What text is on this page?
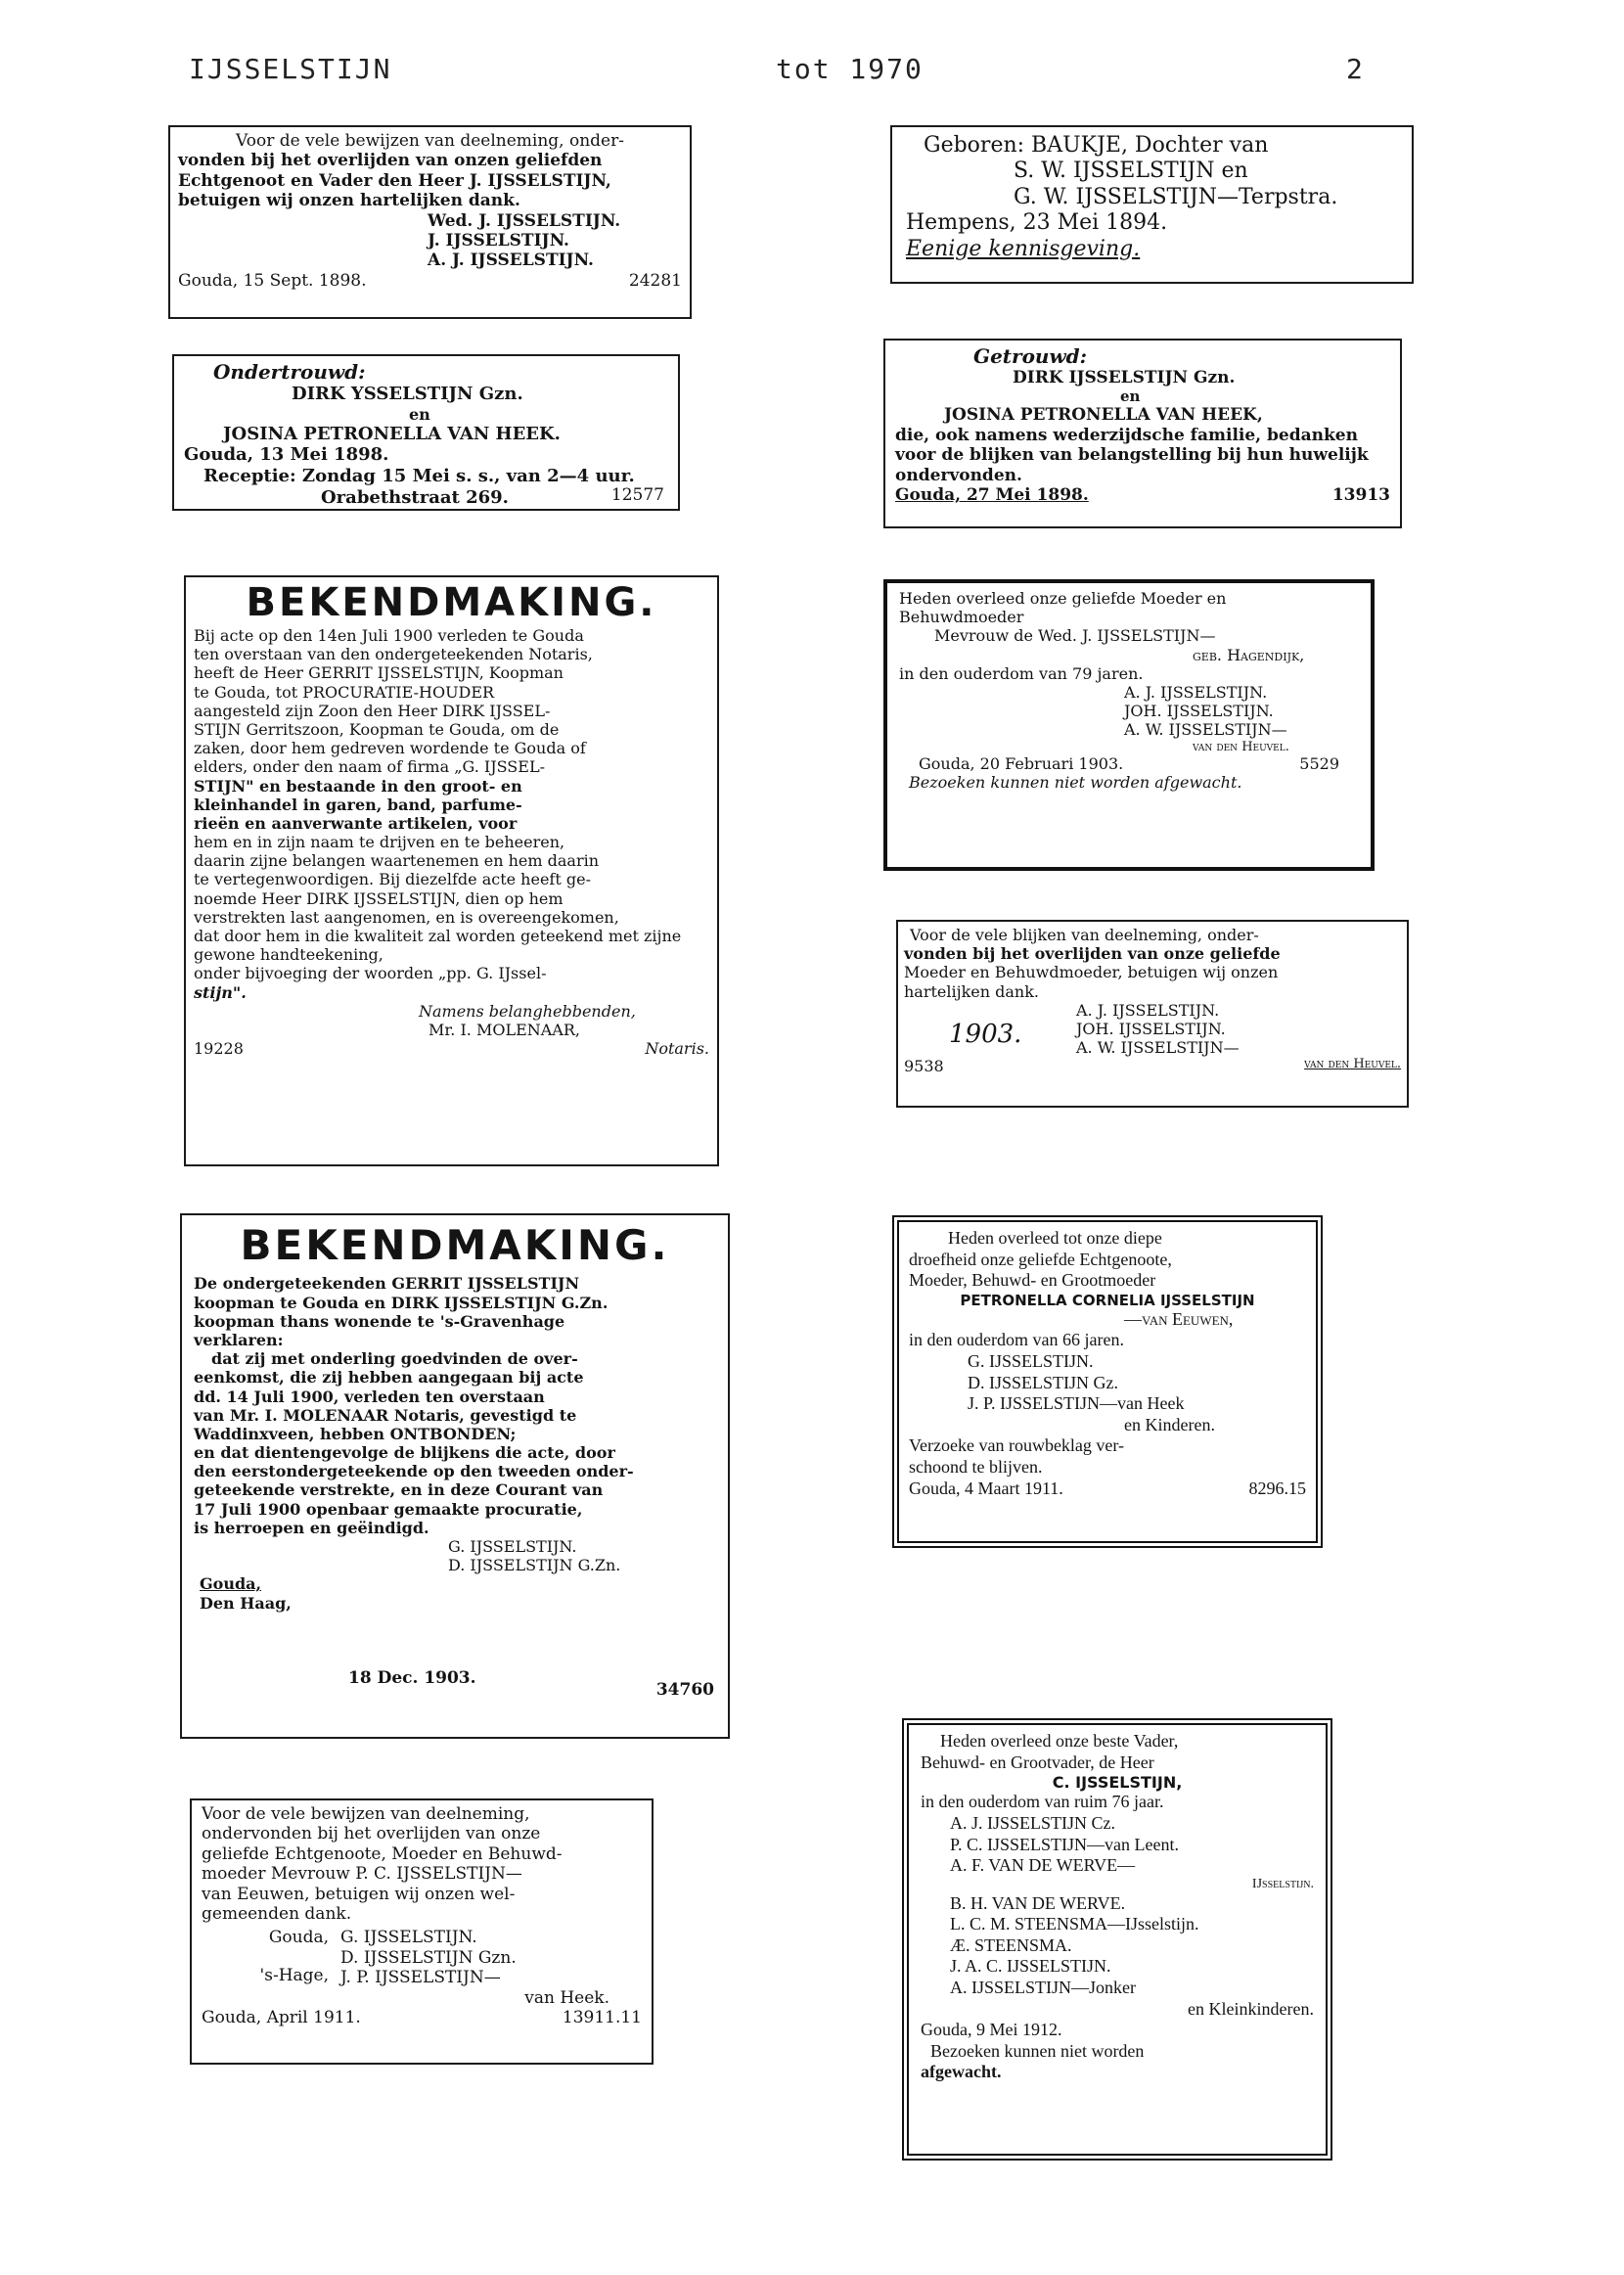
IJSSELSTIJN	tot 1970	2
Voor de vele bewijzen van deelneming, onder-
vonden bij het overlijden van onzen geliefden
Echtgenoot en Vader den Heer J. IJSSELSTIJN,
betuigen wij onzen hartelijken dank.
Wed. J. IJSSELSTIJN.
J. IJSSELSTIJN.
A. J. IJSSELSTIJN.
Gouda, 15 Sept. 1898.	24281
Ondertrouwd:
DIRK YSSELSTIJN Gzn.
en
JOSINA PETRONELLA VAN HEEK.
Gouda, 13 Mei 1898.
Receptie: Zondag 15 Mei s. s., van 2—4 uur.
Orabethstraat 269.	12577
BEKENDMAKING.
Bij acte op den 14en Juli 1900 verleden te Gouda
ten overstaan van den ondergeteekenden Notaris,
heeft de Heer GERRIT IJSSELSTIJN, Koopman
te Gouda, tot PROCURATIE-HOUDER
aangesteld zijn Zoon den Heer DIRK IJSSEL-
STIJN Gerritszoon, Koopman te Gouda, om de
zaken, door hem gedreven wordende te Gouda of
elders, onder den naam of firma „G. IJSSEL-
STIJN" en bestaande in den groot- en
kleinhandel in garen, band, parfume-
rieën en aanverwante artikelen, voor
hem en in zijn naam te drijven en te beheeren,
daarin zijne belangen waartenemen en hem daarin
te vertegenwoordigen. Bij diezelfde acte heeft ge-
noemde Heer DIRK IJSSELSTIJN, dien op hem
verstrekten last aangenomen, en is overeengekomen,
dat door hem in die kwaliteit zal worden geteekend met zijne gewone handteekening,
onder bijvoeging der woorden „pp. G. IJssel-
stijn".
Namens belanghebbenden,
Mr. I. MOLENAAR,
19228	Notaris.
BEKENDMAKING.
De ondergeteekenden GERRIT IJSSELSTIJN
koopman te Gouda en DIRK IJSSELSTIJN G.Zn.
koopman thans wonende te 's-Gravenhage
verklaren:
dat zij met onderling goedvinden de over-
eenkomst, die zij hebben aangegaan bij acte
dd. 14 Juli 1900, verleden ten overstaan
van Mr. I. MOLENAAR Notaris, gevestigd te
Waddinxveen, hebben ONTBONDEN;
en dat dientengevolge de blijkens die acte, door
den eerstondergeteekende op den tweeden onder-
geteekende verstrekte, en in deze Courant van
17 Juli 1900 openbaar gemaakte procuratie,
is herroepen en geëindigd.
G. IJSSELSTIJN.
D. IJSSELSTIJN G.Zn.
Gouda,
Den Haag,
18 Dec. 1903.
34760
Voor de vele bewijzen van deelneming,
ondervonden bij het overlijden van onze
geliefde Echtgenoote, Moeder en Behuwd-
moeder Mevrouw P. C. IJSSELSTIJN—
van Eeuwen, betuigen wij onzen wel-
gemeenden dank.
Gouda,
's-Hage,
G. IJSSELSTIJN.
D. IJSSELSTIJN Gzn.
J. P. IJSSELSTIJN—
van Heek.
Gouda, April 1911.	13911.11
Geboren: BAUKJE, Dochter van
S. W. IJSSELSTIJN en
G. W. IJSSELSTIJN—Terpstra.
Hempens, 23 Mei 1894.
Eenige kennisgeving.
Getrouwd:
DIRK IJSSELSTIJN Gzn.
en
JOSINA PETRONELLA VAN HEEK,
die, ook namens wederzijdsche familie, bedanken
voor de blijken van belangstelling bij hun huwelijk
ondervonden.
Gouda, 27 Mei 1898.	13913
Heden overleed onze geliefde Moeder en
Behuwdmoeder
Mevrouw de Wed. J. IJSSELSTIJN—
geb. Hagendijk,
in den ouderdom van 79 jaren.
A. J. IJSSELSTIJN.
JOH. IJSSELSTIJN.
A. W. IJSSELSTIJN—
van den Heuvel.
Gouda, 20 Februari 1903.	5529
Bezoeken kunnen niet worden afgewacht.
Voor de vele blijken van deelneming, onder-
vonden bij het overlijden van onze geliefde
Moeder en Behuwdmoeder, betuigen wij onzen
hartelijken dank.
1903.
A. J. IJSSELSTIJN.
JOH. IJSSELSTIJN.
A. W. IJSSELSTIJN—
9538	van den Heuvel.
Heden overleed tot onze diepe
droefheid onze geliefde Echtgenoote,
Moeder, Behuwd- en Grootmoeder
PETRONELLA CORNELIA IJSSELSTIJN
—van Eeuwen,
in den ouderdom van 66 jaren.
G. IJSSELSTIJN.
D. IJSSELSTIJN Gz.
J. P. IJSSELSTIJN—van Heek
en Kinderen.
Verzoeke van rouwbeklag ver-
schoond te blijven.
Gouda, 4 Maart 1911.	8296.15
Heden overleed onze beste Vader,
Behuwd- en Grootvader, de Heer
C. IJSSELSTIJN,
in den ouderdom van ruim 76 jaar.
A. J. IJSSELSTIJN Cz.
P. C. IJSSELSTIJN—van Leent.
A. F. VAN DE WERVE—
IJsselstijn.
B. H. VAN DE WERVE.
L. C. M. STEENSMA—IJsselstijn.
Æ. STEENSMA.
J. A. C. IJSSELSTIJN.
A. IJSSELSTIJN—Jonker
en Kleinkinderen.
Gouda, 9 Mei 1912.
Bezoeken kunnen niet worden
afgewacht.
